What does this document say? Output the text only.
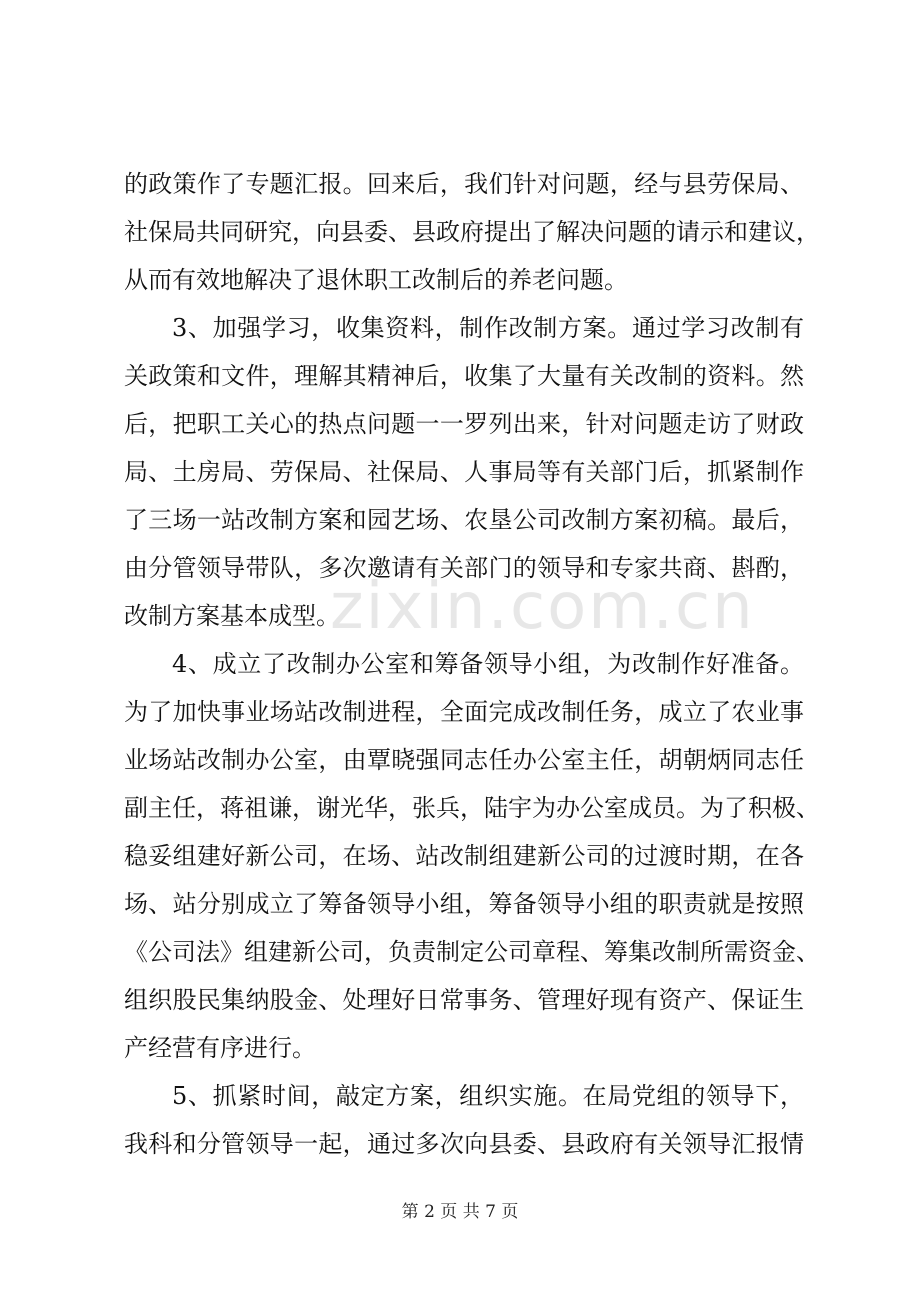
的政策作了专题汇报。回来后，我们针对问题，经与县劳保局、
社保局共同研究，向县委、县政府提出了解决问题的请示和建议，
从而有效地解决了退休职工改制后的养老问题。
3、加强学习，收集资料，制作改制方案。通过学习改制有
关政策和文件，理解其精神后，收集了大量有关改制的资料。然
后，把职工关心的热点问题一一罗列出来，针对问题走访了财政
局、土房局、劳保局、社保局、人事局等有关部门后，抓紧制作
了三场一站改制方案和园艺场、农垦公司改制方案初稿。最后，
由分管领导带队，多次邀请有关部门的领导和专家共商、斟酌，
改制方案基本成型。
4、成立了改制办公室和筹备领导小组，为改制作好准备。
为了加快事业场站改制进程，全面完成改制任务，成立了农业事
业场站改制办公室，由覃晓强同志任办公室主任，胡朝炳同志任
副主任，蒋祖谦，谢光华，张兵，陆宇为办公室成员。为了积极、
稳妥组建好新公司，在场、站改制组建新公司的过渡时期，在各
场、站分别成立了筹备领导小组，筹备领导小组的职责就是按照
《公司法》组建新公司，负责制定公司章程、筹集改制所需资金、
组织股民集纳股金、处理好日常事务、管理好现有资产、保证生
产经营有序进行。
5、抓紧时间，敲定方案，组织实施。在局党组的领导下，
我科和分管领导一起，通过多次向县委、县政府有关领导汇报情
zixin.com.cn
第 2 页 共 7 页
